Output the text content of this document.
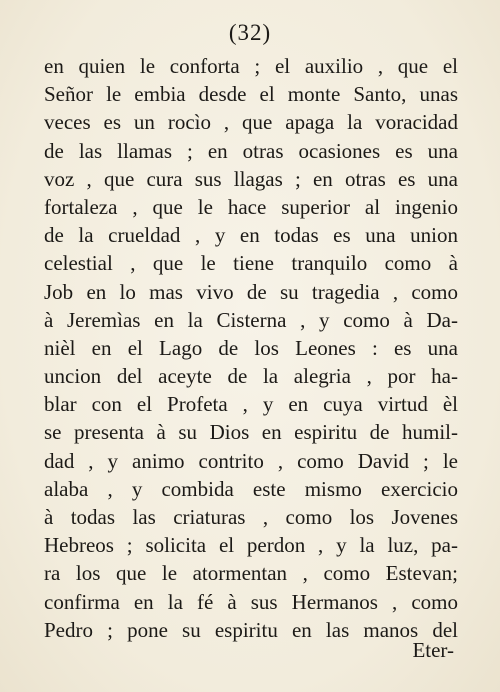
(32)
en quien le conforta ; el auxilio , que el
Señor le embia desde el monte Santo, unas
veces es un rocìo , que apaga la voracidad
de las llamas ; en otras ocasiones es una
voz , que cura sus llagas ; en otras es una
fortaleza , que le hace superior al ingenio
de la crueldad , y en todas es una union
celestial , que le tiene tranquilo como à
Job en lo mas vivo de su tragedia , como
à Jeremìas en la Cisterna , y como à Da-
nièl en el Lago de los Leones : es una
uncion del aceyte de la alegria , por ha-
blar con el Profeta , y en cuya virtud èl
se presenta à su Dios en espiritu de humil-
dad , y animo contrito , como David ; le
alaba , y combida este mismo exercicio
à todas las criaturas , como los Jovenes
Hebreos ; solicita el perdon , y la luz, pa-
ra los que le atormentan , como Estevan;
confirma en la fé à sus Hermanos , como
Pedro ; pone su espiritu en las manos del
Eter-
